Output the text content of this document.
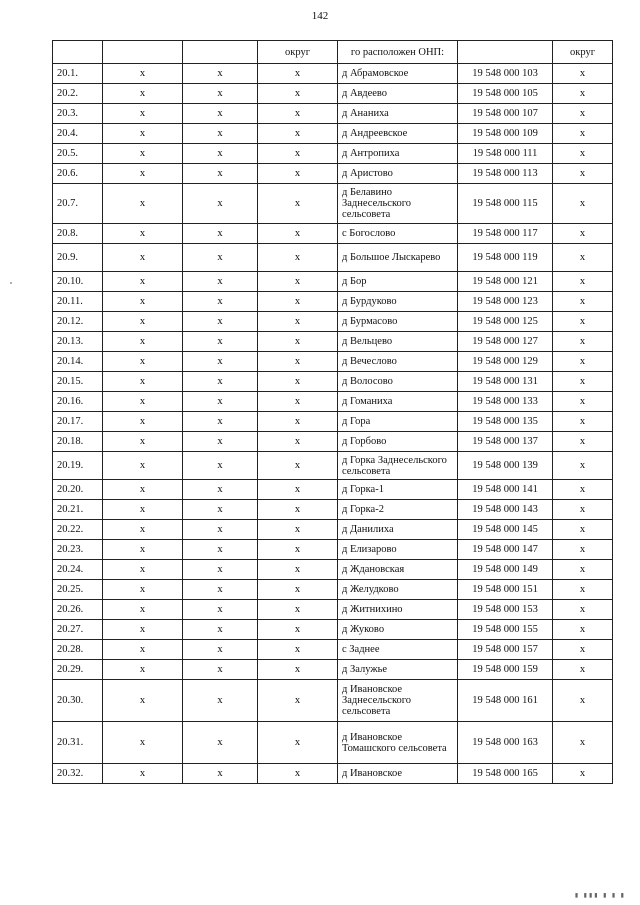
142
			округ	го расположен ОНП:		округ
20.1.	x	x	x	д Абрамовское	19 548 000 103	x
20.2.	x	x	x	д Авдеево	19 548 000 105	x
20.3.	x	x	x	д Ананиха	19 548 000 107	x
20.4.	x	x	x	д Андреевское	19 548 000 109	x
20.5.	x	x	x	д Антропиха	19 548 000 111	x
20.6.	x	x	x	д Аристово	19 548 000 113	x
20.7.	x	x	x	д Белавино Заднесельского сельсовета	19 548 000 115	x
20.8.	x	x	x	с Богослово	19 548 000 117	x
20.9.	x	x	x	д Большое Лыскарево	19 548 000 119	x
20.10.	x	x	x	д Бор	19 548 000 121	x
20.11.	x	x	x	д Бурдуково	19 548 000 123	x
20.12.	x	x	x	д Бурмасово	19 548 000 125	x
20.13.	x	x	x	д Вельцево	19 548 000 127	x
20.14.	x	x	x	д Вечеслово	19 548 000 129	x
20.15.	x	x	x	д Волосово	19 548 000 131	x
20.16.	x	x	x	д Гоманиха	19 548 000 133	x
20.17.	x	x	x	д Гора	19 548 000 135	x
20.18.	x	x	x	д Горбово	19 548 000 137	x
20.19.	x	x	x	д Горка Заднесельского сельсовета	19 548 000 139	x
20.20.	x	x	x	д Горка-1	19 548 000 141	x
20.21.	x	x	x	д Горка-2	19 548 000 143	x
20.22.	x	x	x	д Данилиха	19 548 000 145	x
20.23.	x	x	x	д Елизарово	19 548 000 147	x
20.24.	x	x	x	д Ждановская	19 548 000 149	x
20.25.	x	x	x	д Желудково	19 548 000 151	x
20.26.	x	x	x	д Житнихино	19 548 000 153	x
20.27.	x	x	x	д Жуково	19 548 000 155	x
20.28.	x	x	x	с Заднее	19 548 000 157	x
20.29.	x	x	x	д Залужье	19 548 000 159	x
20.30.	x	x	x	д Ивановское Заднесельского сельсовета	19 548 000 161	x
20.31.	x	x	x	д Ивановское Томашского сельсовета	19 548 000 163	x
20.32.	x	x	x	д Ивановское	19 548 000 165	x
▮ ▮▮▮ ▮ ▮ ▮
